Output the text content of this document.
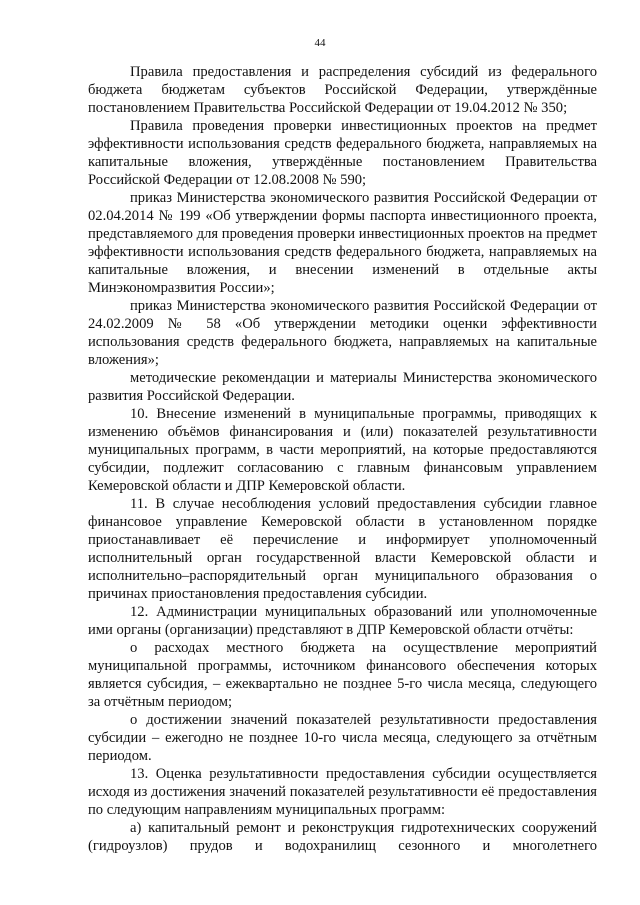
44

Правила предоставления и распределения субсидий из федерального бюджета бюджетам субъектов Российской Федерации, утверждённые постановлением Правительства Российской Федерации от 19.04.2012 № 350;

Правила проведения проверки инвестиционных проектов на предмет эффективности использования средств федерального бюджета, направляемых на капитальные вложения, утверждённые постановлением Правительства Российской Федерации от 12.08.2008 № 590;

приказ Министерства экономического развития Российской Федерации от 02.04.2014 № 199 «Об утверждении формы паспорта инвестиционного проекта, представляемого для проведения проверки инвестиционных проектов на предмет эффективности использования средств федерального бюджета, направляемых на капитальные вложения, и внесении изменений в отдельные акты Минэкономразвития России»;

приказ Министерства экономического развития Российской Федерации от 24.02.2009 № 58 «Об утверждении методики оценки эффективности использования средств федерального бюджета, направляемых на капитальные вложения»;

методические рекомендации и материалы Министерства экономического развития Российской Федерации.

10. Внесение изменений в муниципальные программы, приводящих к изменению объёмов финансирования и (или) показателей результативности муниципальных программ, в части мероприятий, на которые предоставляются субсидии, подлежит согласованию с главным финансовым управлением Кемеровской области и ДПР Кемеровской области.

11. В случае несоблюдения условий предоставления субсидии главное финансовое управление Кемеровской области в установленном порядке приостанавливает её перечисление и информирует уполномоченный исполнительный орган государственной власти Кемеровской области и исполнительно–распорядительный орган муниципального образования о причинах приостановления предоставления субсидии.

12. Администрации муниципальных образований или уполномоченные ими органы (организации) представляют в ДПР Кемеровской области отчёты:

о расходах местного бюджета на осуществление мероприятий муниципальной программы, источником финансового обеспечения которых является субсидия, – ежеквартально не позднее 5-го числа месяца, следующего за отчётным периодом;

о достижении значений показателей результативности предоставления субсидии – ежегодно не позднее 10-го числа месяца, следующего за отчётным периодом.

13. Оценка результативности предоставления субсидии осуществляется исходя из достижения значений показателей результативности её предоставления по следующим направлениям муниципальных программ:

а) капитальный ремонт и реконструкция гидротехнических сооружений (гидроузлов) прудов и водохранилищ сезонного и многолетнего
